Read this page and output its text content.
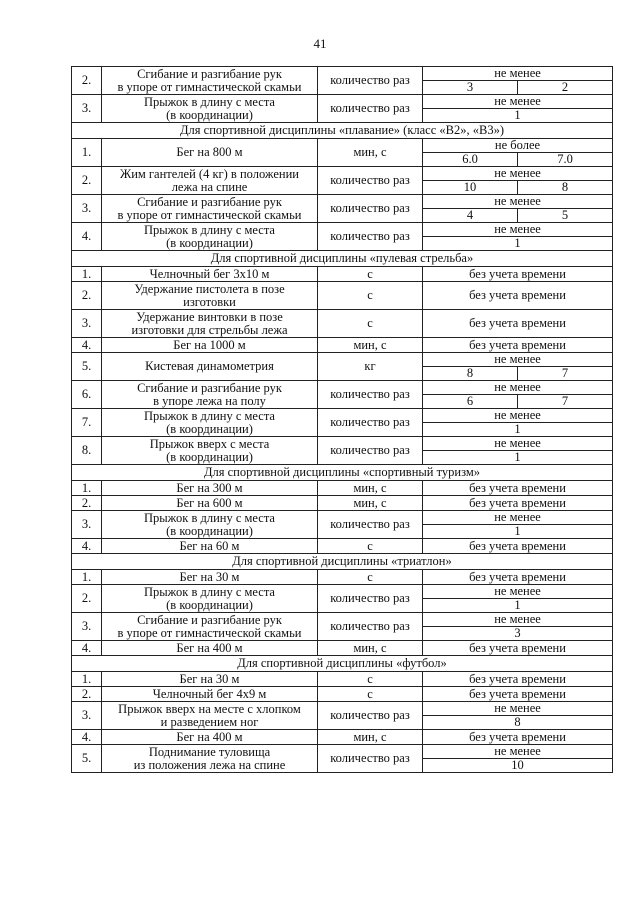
41
2.	Сгибание и разгибание рук
в упоре от гимнастической скамьи	количество раз	не менее	
			3	2
3.	Прыжок в длину с места
(в координации)	количество раз	не менее	
			1	
Для спортивной дисциплины «плавание» (класс «В2», «В3»)				
1.	Бег на 800 м	мин, с	не более	
			6.0	7.0
2.	Жим гантелей (4 кг) в положении
лежа на спине	количество раз	не менее	
			10	8
3.	Сгибание и разгибание рук
в упоре от гимнастической скамьи	количество раз	не менее	
			4	5
4.	Прыжок в длину с места
(в координации)	количество раз	не менее	
			1	
Для спортивной дисциплины «пулевая стрельба»				
1.	Челночный бег 3x10 м	с	без учета времени	
2.	Удержание пистолета в позе
изготовки	с	без учета времени	
3.	Удержание винтовки в позе
изготовки для стрельбы лежа	с	без учета времени	
4.	Бег на 1000 м	мин, с	без учета времени	
5.	Кистевая динамометрия	кг	не менее	
			8	7
6.	Сгибание и разгибание рук
в упоре лежа на полу	количество раз	не менее	
			6	7
7.	Прыжок в длину с места
(в координации)	количество раз	не менее	
			1	
8.	Прыжок вверх с места
(в координации)	количество раз	не менее	
			1	
Для спортивной дисциплины «спортивный туризм»				
1.	Бег на 300 м	мин, с	без учета времени	
2.	Бег на 600 м	мин, с	без учета времени	
3.	Прыжок в длину с места
(в координации)	количество раз	не менее	
			1	
4.	Бег на 60 м	с	без учета времени	
Для спортивной дисциплины «триатлон»				
1.	Бег на 30 м	с	без учета времени	
2.	Прыжок в длину с места
(в координации)	количество раз	не менее	
			1	
3.	Сгибание и разгибание рук
в упоре от гимнастической скамьи	количество раз	не менее	
			3	
4.	Бег на 400 м	мин, с	без учета времени	
Для спортивной дисциплины «футбол»				
1.	Бег на 30 м	с	без учета времени	
2.	Челночный бег 4x9 м	с	без учета времени	
3.	Прыжок вверх на месте с хлопком
и разведением ног	количество раз	не менее	
			8	
4.	Бег на 400 м	мин, с	без учета времени	
5.	Поднимание туловища
из положения лежа на спине	количество раз	не менее	
			10	
